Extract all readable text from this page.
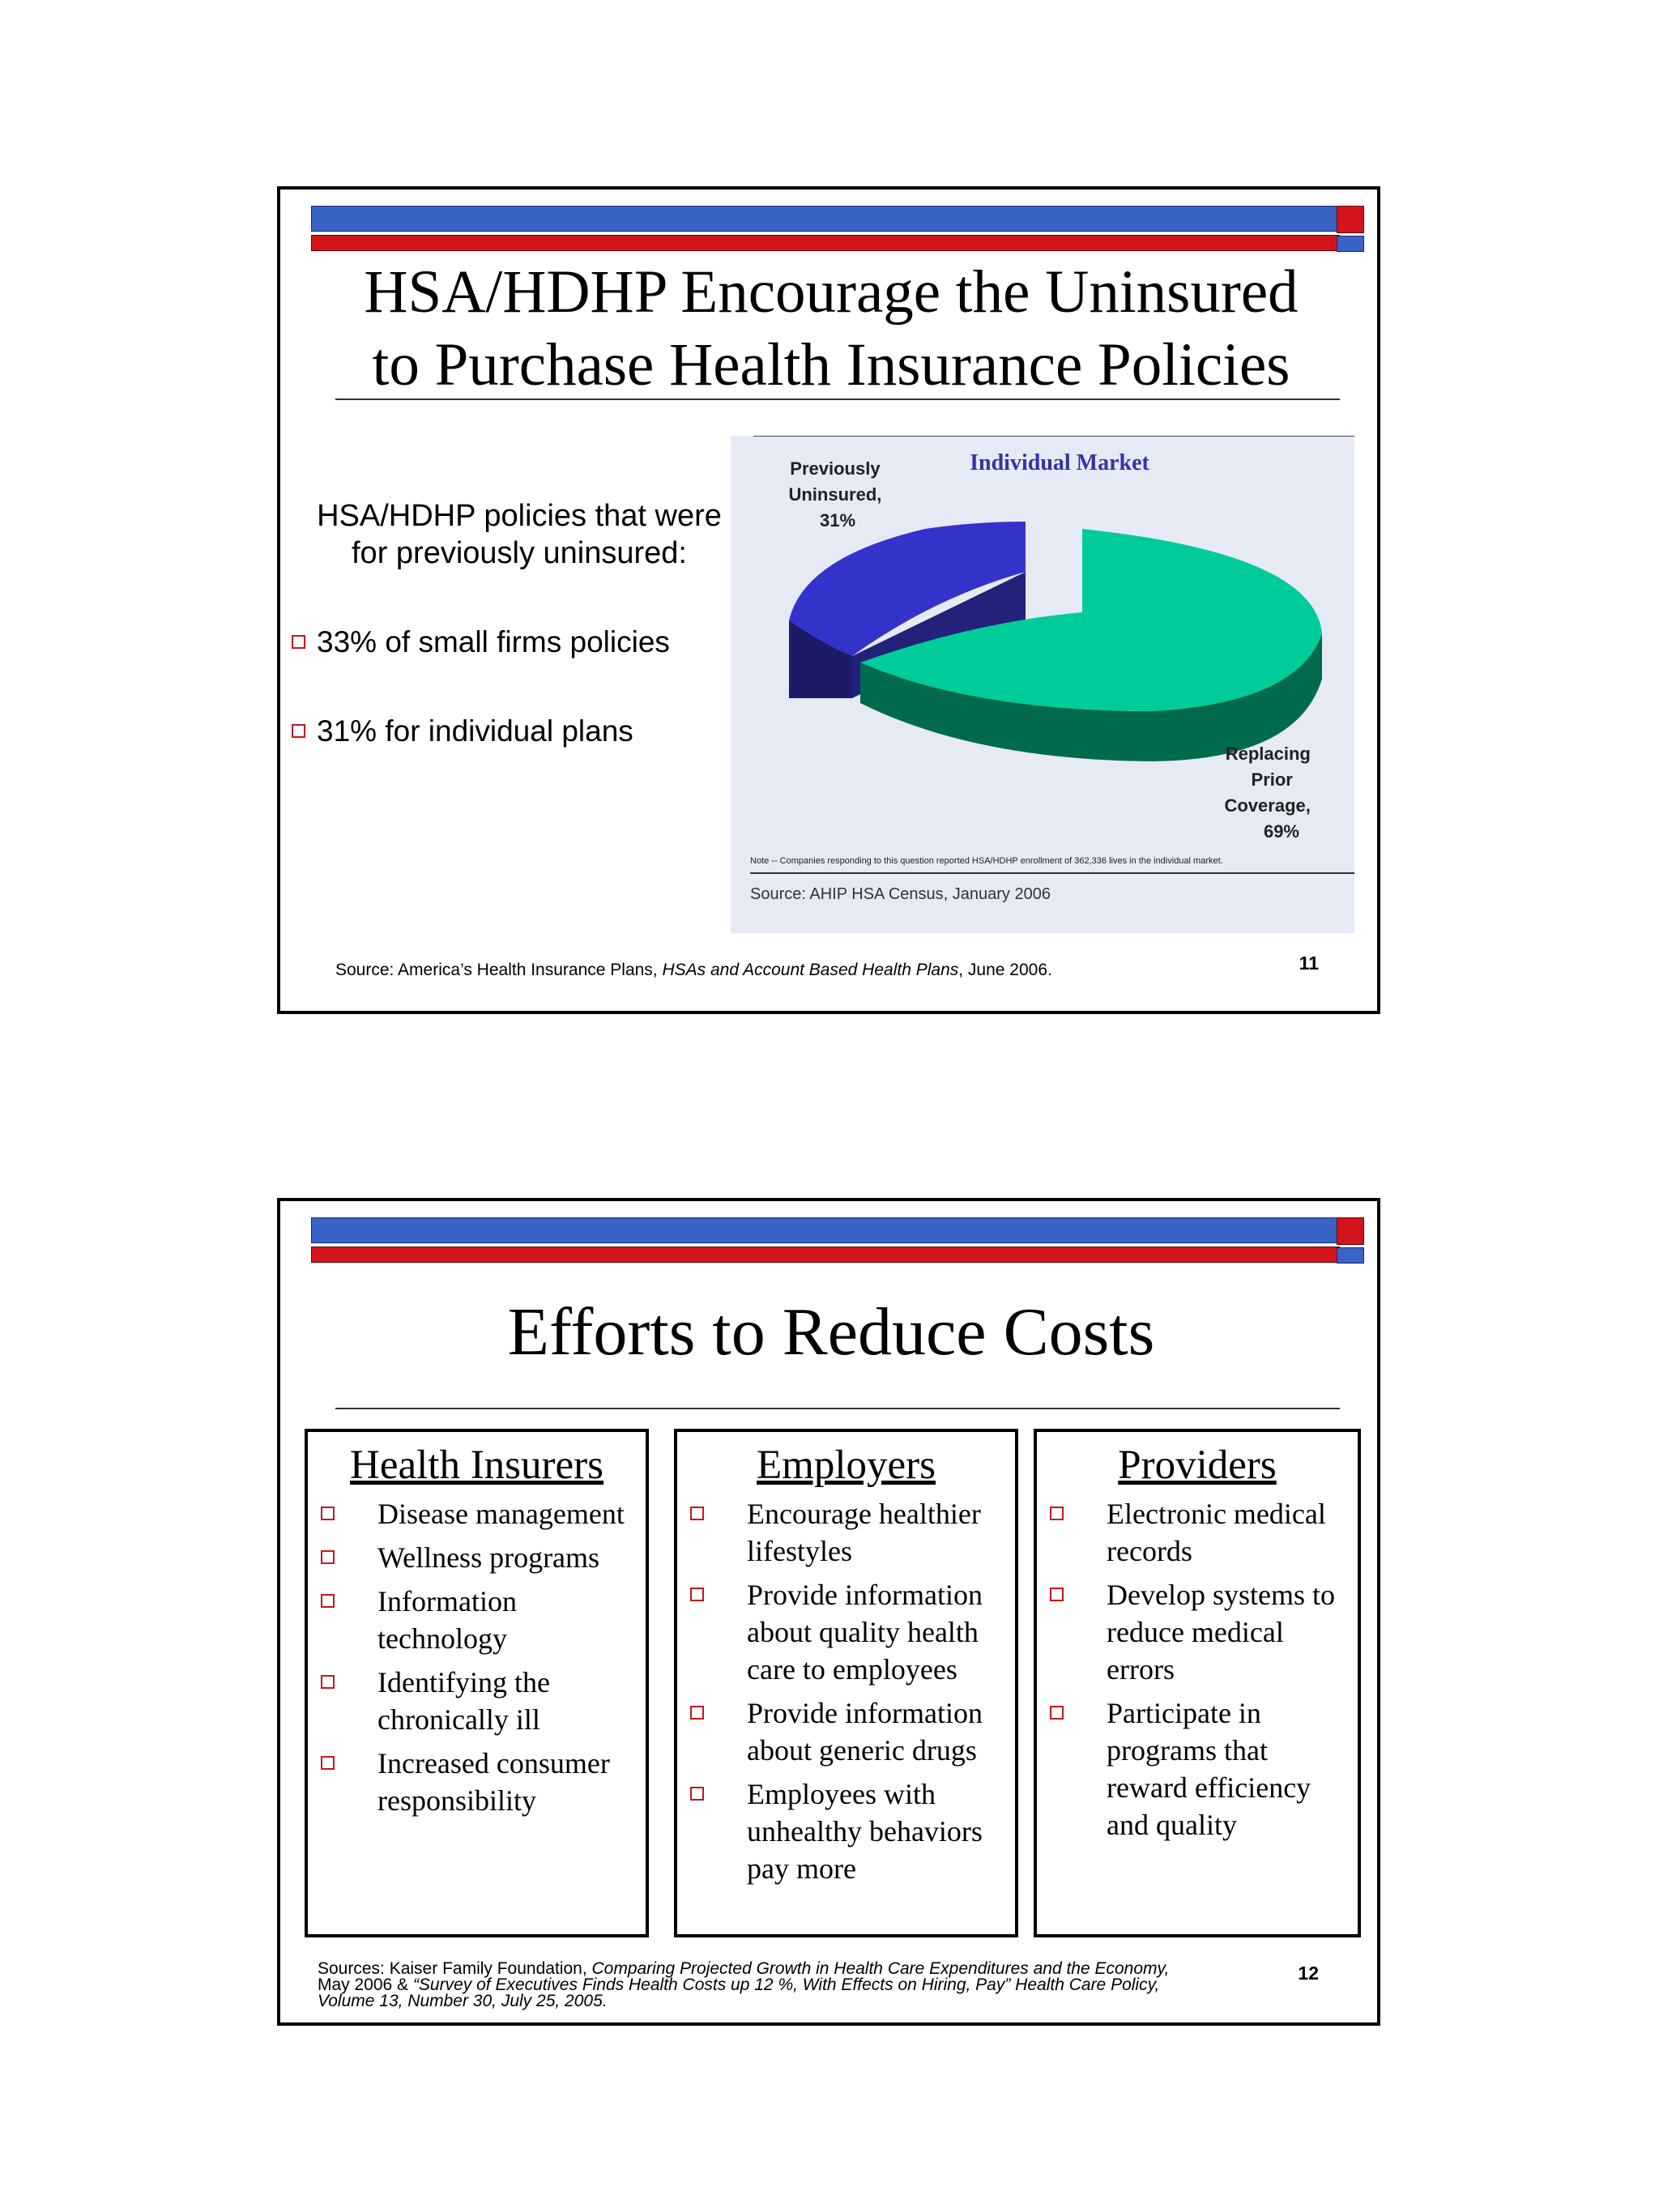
HSA/HDHP Encourage the Uninsured
to Purchase Health Insurance Policies
HSA/HDHP policies that were
for previously uninsured:
33% of small firms policies
31% for individual plans
Individual Market
Previously Uninsured, 31%
Replacing Prior Coverage, 69%
Note -- Companies responding to this question reported HSA/HDHP enrollment of 362,336 lives in the individual market.
Source: AHIP HSA Census, January 2006
Source: America’s Health Insurance Plans, HSAs and Account Based Health Plans, June 2006.	11
Efforts to Reduce Costs
Health Insurers
Disease management
Wellness programs
Information technology
Identifying the chronically ill
Increased consumer responsibility
Employers
Encourage healthier lifestyles
Provide information about quality health care to employees
Provide information about generic drugs
Employees with unhealthy behaviors pay more
Providers
Electronic medical records
Develop systems to reduce medical errors
Participate in programs that reward efficiency and quality
Sources: Kaiser Family Foundation, Comparing Projected Growth in Health Care Expenditures and the Economy,
May 2006 & “Survey of Executives Finds Health Costs up 12 %, With Effects on Hiring, Pay” Health Care Policy,
Volume 13, Number 30, July 25, 2005.
12
